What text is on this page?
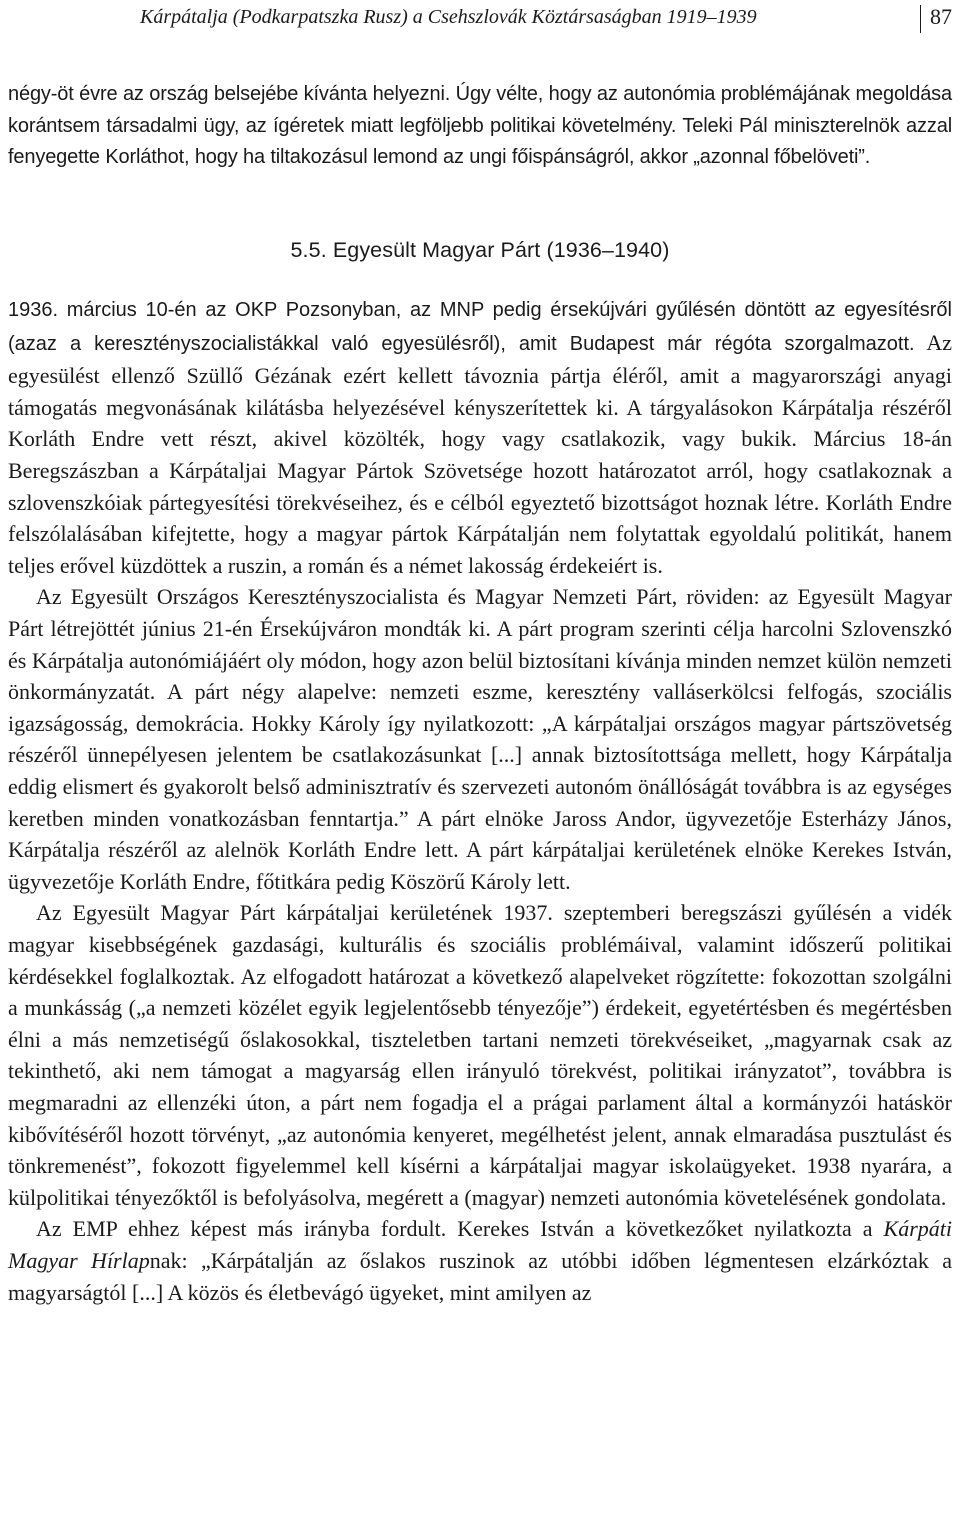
Kárpátalja (Podkarpatszka Rusz) a Csehszlovák Köztársaságban 1919–1939	87

négy-öt évre az ország belsejébe kívánta helyezni. Úgy vélte, hogy az autonómia problémájának megoldása korántsem társadalmi ügy, az ígéretek miatt legföljebb politikai követelmény. Teleki Pál miniszterelnök azzal fenyegette Korláthot, hogy ha tiltakozásul lemond az ungi főispánságról, akkor „azonnal főbelöveti”.

5.5. Egyesült Magyar Párt (1936–1940)

1936. március 10-én az OKP Pozsonyban, az MNP pedig érsekújvári gyűlésén döntött az egyesítésről (azaz a keresztényszocialistákkal való egyesülésről), amit Budapest már régóta szorgalmazott. Az egyesülést ellenző Szüllő Gézának ezért kellett távoznia pártja éléről, amit a magyarországi anyagi támogatás megvonásának kilátásba helyezésével kényszerítettek ki. A tárgyalásokon Kárpátalja részéről Korláth Endre vett részt, akivel közölték, hogy vagy csatlakozik, vagy bukik. Március 18-án Beregszászban a Kárpátaljai Magyar Pártok Szövetsége hozott határozatot arról, hogy csatlakoznak a szlovenszkóiak pártegyesítési törekvéseihez, és e célból egyeztető bizottságot hoznak létre. Korláth Endre felszólalásában kifejtette, hogy a magyar pártok Kárpátalján nem folytattak egyoldalú politikát, hanem teljes erővel küzdöttek a ruszin, a román és a német lakosság érdekeiért is.

Az Egyesült Országos Keresztényszocialista és Magyar Nemzeti Párt, röviden: az Egyesült Magyar Párt létrejöttét június 21-én Érsekújváron mondták ki. A párt program szerinti célja harcolni Szlovenszkó és Kárpátalja autonómiájáért oly módon, hogy azon belül biztosítani kívánja minden nemzet külön nemzeti önkormányzatát. A párt négy alapelve: nemzeti eszme, keresztény valláserkölcsi felfogás, szociális igazságosság, demokrácia. Hokky Károly így nyilatkozott: „A kárpátaljai országos magyar pártszövetség részéről ünnepélyesen jelentem be csatlakozásunkat [...] annak biztosítottsága mellett, hogy Kárpátalja eddig elismert és gyakorolt belső adminisztratív és szervezeti autonóm önállóságát továbbra is az egységes keretben minden vonatkozásban fenntartja.” A párt elnöke Jaross Andor, ügyvezetője Esterházy János, Kárpátalja részéről az alelnök Korláth Endre lett. A párt kárpátaljai kerületének elnöke Kerekes István, ügyvezetője Korláth Endre, főtitkára pedig Köszörű Károly lett.

Az Egyesült Magyar Párt kárpátaljai kerületének 1937. szeptemberi beregszászi gyűlésén a vidék magyar kisebbségének gazdasági, kulturális és szociális problémáival, valamint időszerű politikai kérdésekkel foglalkoztak. Az elfogadott határozat a következő alapelveket rögzítette: fokozottan szolgálni a munkásság („a nemzeti közélet egyik legjelentősebb tényezője”) érdekeit, egyetértésben és megértésben élni a más nemzetiségű őslakosokkal, tiszteletben tartani nemzeti törekvéseiket, „magyarnak csak az tekinthető, aki nem támogat a magyarság ellen irányuló törekvést, politikai irányzatot”, továbbra is megmaradni az ellenzéki úton, a párt nem fogadja el a prágai parlament által a kormányzói hatáskör kibővítéséről hozott törvényt, „az autonómia kenyeret, megélhetést jelent, annak elmaradása pusztulást és tönkremenést”, fokozott figyelemmel kell kísérni a kárpátaljai magyar iskolaügyeket. 1938 nyarára, a külpolitikai tényezőktől is befolyásolva, megérett a (magyar) nemzeti autonómia követelésének gondolata.

Az EMP ehhez képest más irányba fordult. Kerekes István a következőket nyilatkozta a Kárpáti Magyar Hírlapnak: „Kárpátalján az őslakos ruszinok az utóbbi időben légmentesen elzárkóztak a magyarságtól [...] A közös és életbevágó ügyeket, mint amilyen az
